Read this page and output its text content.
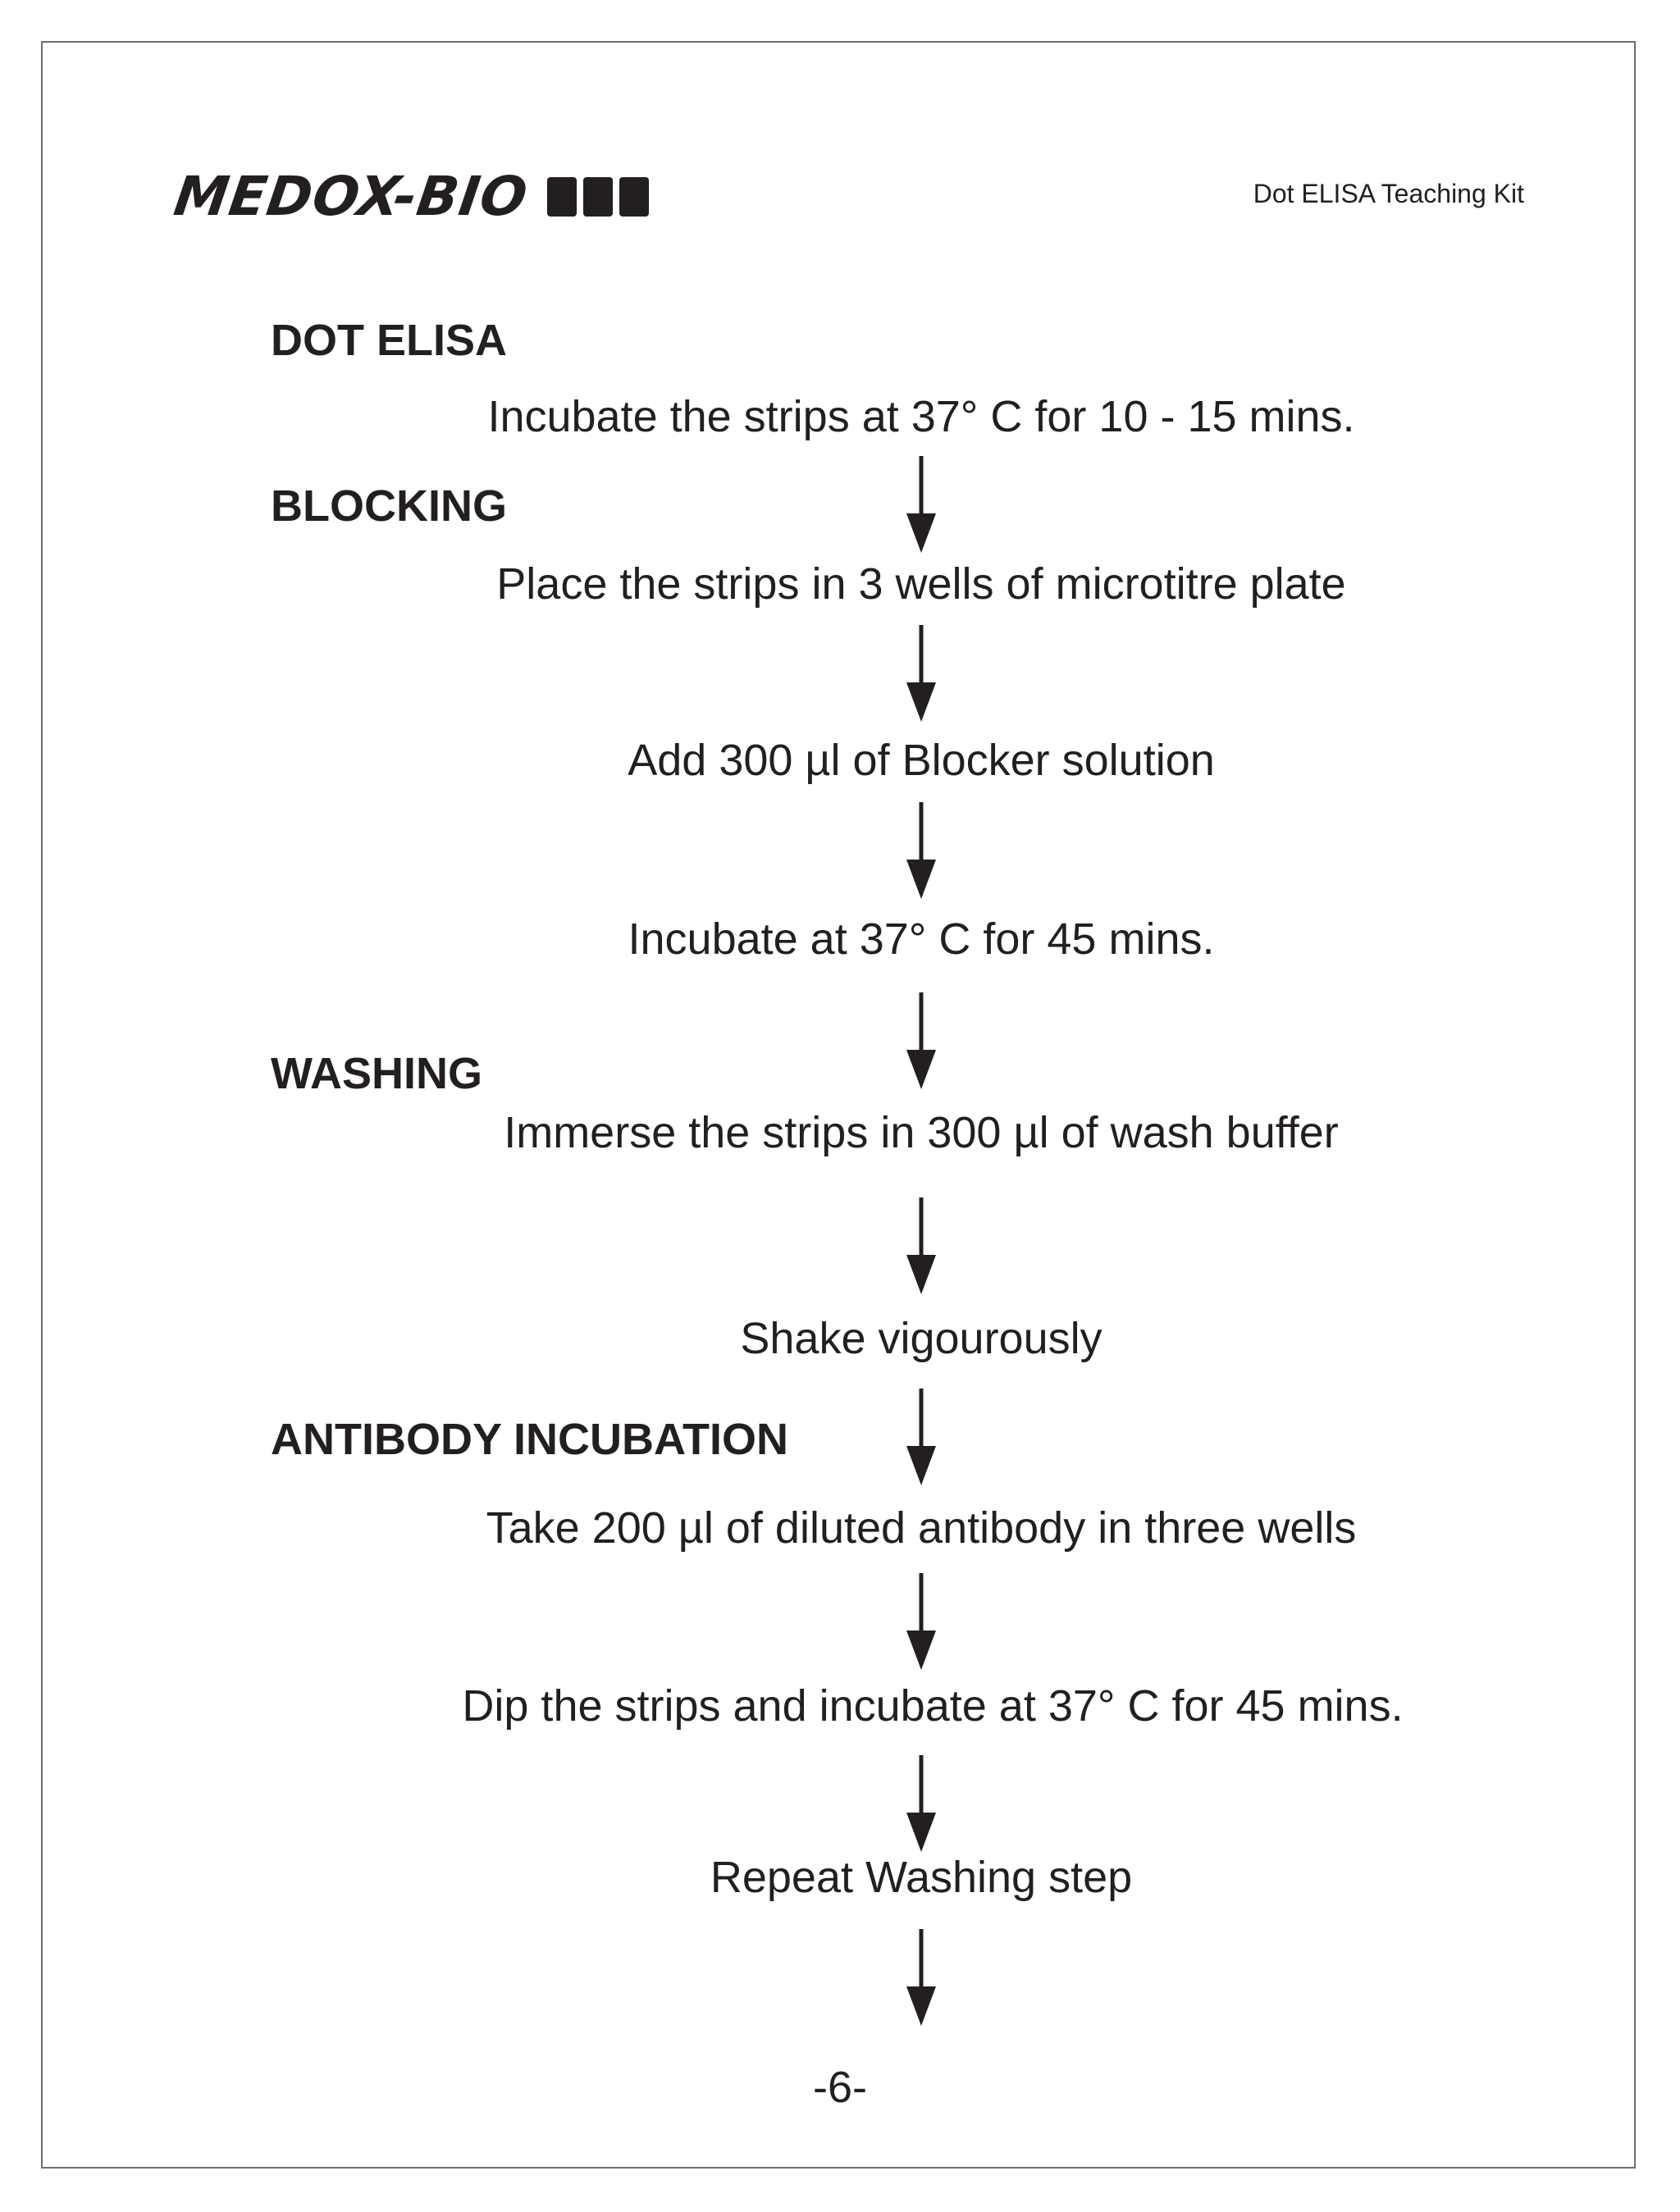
MEDOX-BIO	Dot ELISA Teaching Kit
DOT ELISA
BLOCKING
WASHING
ANTIBODY INCUBATION
Incubate the strips at 37° C for 10 - 15 mins.
Place the strips in 3 wells of microtitre plate
Add 300 µl of Blocker solution
Incubate at 37° C for 45 mins.
Immerse the strips in 300 µl of wash buffer
Shake vigourously
Take 200 µl of diluted antibody in three wells
Dip the strips and incubate at 37° C for 45 mins.
Repeat Washing step
-6-
